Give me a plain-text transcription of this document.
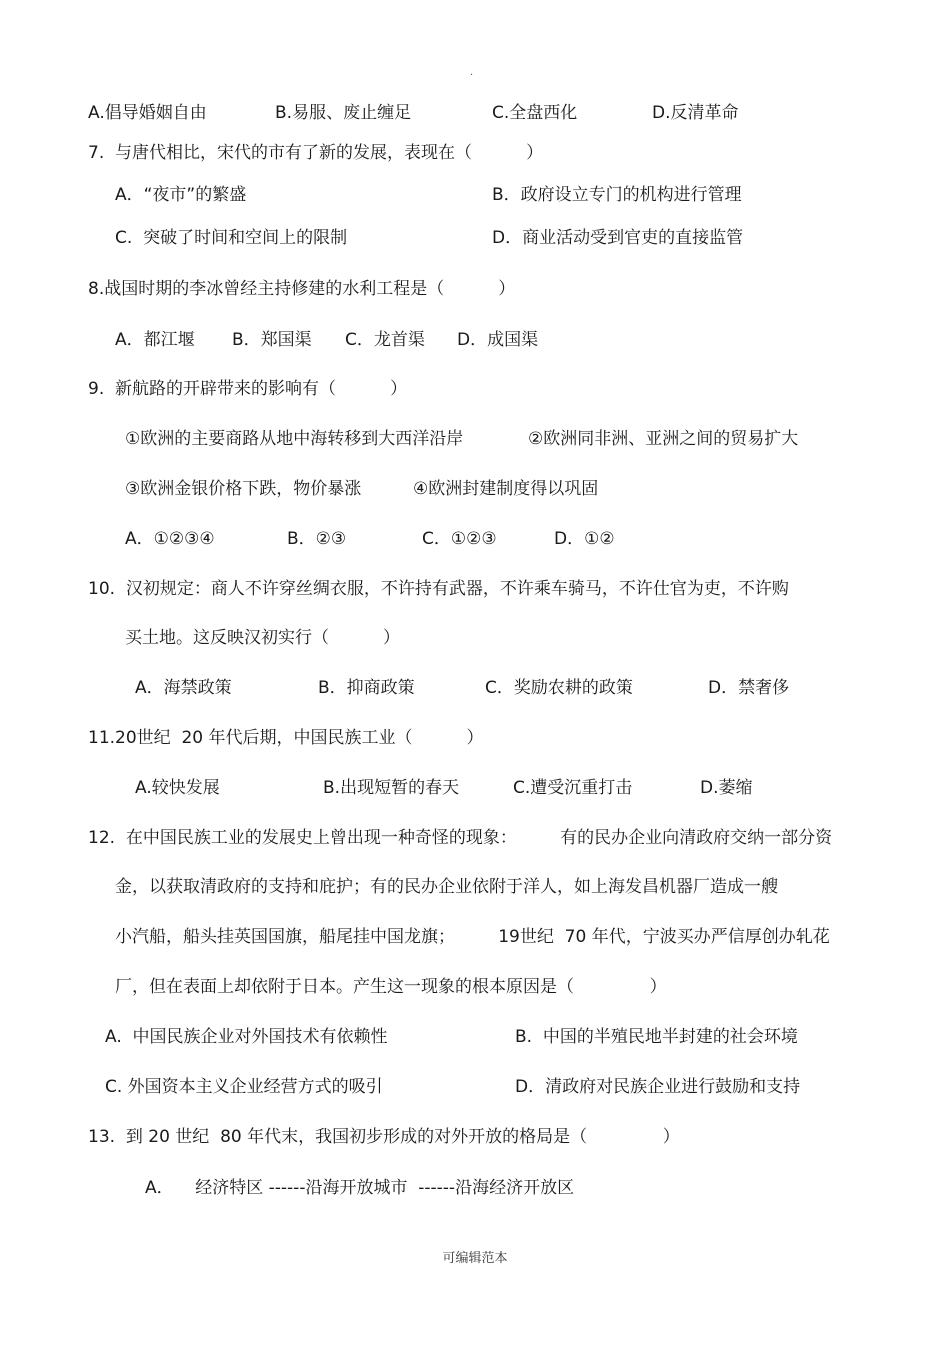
·
A.倡导婚姻自由	B.易服、废止缠足	C.全盘西化	D.反清革命
7.  与唐代相比，宋代的市有了新的发展，表现在（          ）
A．“夜市”的繁盛	B．政府设立专门的机构进行管理
C.  突破了时间和空间上的限制	D．商业活动受到官吏的直接监管
8.战国时期的李冰曾经主持修建的水利工程是（          ）
A．都江堰 B．郑国渠 C．龙首渠 D．成国渠
9.  新航路的开辟带来的影响有（          ）
①欧洲的主要商路从地中海转移到大西洋沿岸	②欧洲同非洲、亚洲之间的贸易扩大
③欧洲金银价格下跌，物价暴涨	④欧洲封建制度得以巩固
A．①②③④	B．②③	C．①②③	D．①②
10.  汉初规定：商人不许穿丝绸衣服，不许持有武器，不许乘车骑马，不许仕官为吏，不许购
买土地。这反映汉初实行（          ）
A．海禁政策	B．抑商政策	C．奖励农耕的政策	D．禁奢侈
11.20世纪  20 年代后期，中国民族工业（          ）
A.较快发展	B.出现短暂的春天	C.遭受沉重打击	D.萎缩
12.  在中国民族工业的发展史上曾出现一种奇怪的现象：        有的民办企业向清政府交纳一部分资
金，以获取清政府的支持和庇护；有的民办企业依附于洋人，如上海发昌机器厂造成一艘
小汽船，船头挂英国国旗，船尾挂中国龙旗；        19世纪  70 年代，宁波买办严信厚创办轧花
厂，但在表面上却依附于日本。产生这一现象的根本原因是（              ）
A.  中国民族企业对外国技术有依赖性	B.  中国的半殖民地半封建的社会环境
C. 外国资本主义企业经营方式的吸引	D．清政府对民族企业进行鼓励和支持
13.  到 20 世纪  80 年代末，我国初步形成的对外开放的格局是（              ）
A．    经济特区 ------沿海开放城市  ------沿海经济开放区
可编辑范本
